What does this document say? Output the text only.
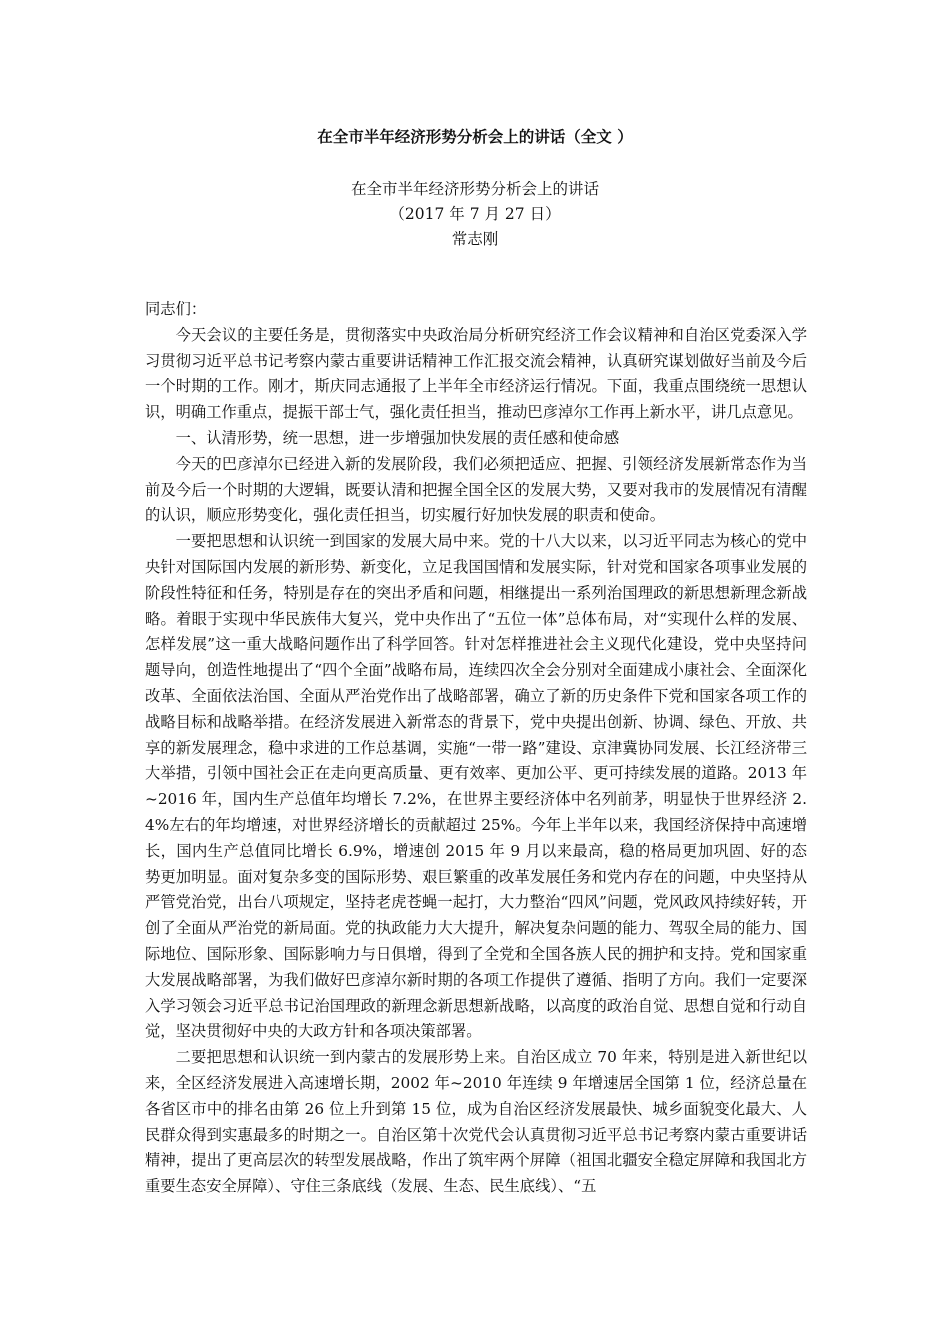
在全市半年经济形势分析会上的讲话（全文 ）
在全市半年经济形势分析会上的讲话
（2017 年 7 月 27 日）
常志刚

同志们：

今天会议的主要任务是，贯彻落实中央政治局分析研究经济工作会议精神和自治区党委深入学习贯彻习近平总书记考察内蒙古重要讲话精神工作汇报交流会精神，认真研究谋划做好当前及今后一个时期的工作。刚才，斯庆同志通报了上半年全市经济运行情况。下面，我重点围绕统一思想认识，明确工作重点，提振干部士气，强化责任担当，推动巴彦淖尔工作再上新水平，讲几点意见。

一、认清形势，统一思想，进一步增强加快发展的责任感和使命感

今天的巴彦淖尔已经进入新的发展阶段，我们必须把适应、把握、引领经济发展新常态作为当前及今后一个时期的大逻辑，既要认清和把握全国全区的发展大势，又要对我市的发展情况有清醒的认识，顺应形势变化，强化责任担当，切实履行好加快发展的职责和使命。

一要把思想和认识统一到国家的发展大局中来。党的十八大以来，以习近平同志为核心的党中央针对国际国内发展的新形势、新变化，立足我国国情和发展实际，针对党和国家各项事业发展的阶段性特征和任务，特别是存在的突出矛盾和问题，相继提出一系列治国理政的新思想新理念新战略。着眼于实现中华民族伟大复兴，党中央作出了“五位一体”总体布局，对“实现什么样的发展、怎样发展”这一重大战略问题作出了科学回答。针对怎样推进社会主义现代化建设，党中央坚持问题导向，创造性地提出了“四个全面”战略布局，连续四次全会分别对全面建成小康社会、全面深化改革、全面依法治国、全面从严治党作出了战略部署，确立了新的历史条件下党和国家各项工作的战略目标和战略举措。在经济发展进入新常态的背景下，党中央提出创新、协调、绿色、开放、共享的新发展理念，稳中求进的工作总基调，实施“一带一路”建设、京津冀协同发展、长江经济带三大举措，引领中国社会正在走向更高质量、更有效率、更加公平、更可持续发展的道路。2013 年~2016 年，国内生产总值年均增长 7.2%，在世界主要经济体中名列前茅，明显快于世界经济 2.4%左右的年均增速，对世界经济增长的贡献超过 25%。今年上半年以来，我国经济保持中高速增长，国内生产总值同比增长 6.9%，增速创 2015 年 9 月以来最高，稳的格局更加巩固、好的态势更加明显。面对复杂多变的国际形势、艰巨繁重的改革发展任务和党内存在的问题，中央坚持从严管党治党，出台八项规定，坚持老虎苍蝇一起打，大力整治“四风”问题，党风政风持续好转，开创了全面从严治党的新局面。党的执政能力大大提升，解决复杂问题的能力、驾驭全局的能力、国际地位、国际形象、国际影响力与日俱增，得到了全党和全国各族人民的拥护和支持。党和国家重大发展战略部署，为我们做好巴彦淖尔新时期的各项工作提供了遵循、指明了方向。我们一定要深入学习领会习近平总书记治国理政的新理念新思想新战略，以高度的政治自觉、思想自觉和行动自觉，坚决贯彻好中央的大政方针和各项决策部署。

二要把思想和认识统一到内蒙古的发展形势上来。自治区成立 70 年来，特别是进入新世纪以来，全区经济发展进入高速增长期，2002 年~2010 年连续 9 年增速居全国第 1 位，经济总量在各省区市中的排名由第 26 位上升到第 15 位，成为自治区经济发展最快、城乡面貌变化最大、人民群众得到实惠最多的时期之一。自治区第十次党代会认真贯彻习近平总书记考察内蒙古重要讲话精神，提出了更高层次的转型发展战略，作出了筑牢两个屏障（祖国北疆安全稳定屏障和我国北方重要生态安全屏障）、守住三条底线（发展、生态、民生底线）、“五
